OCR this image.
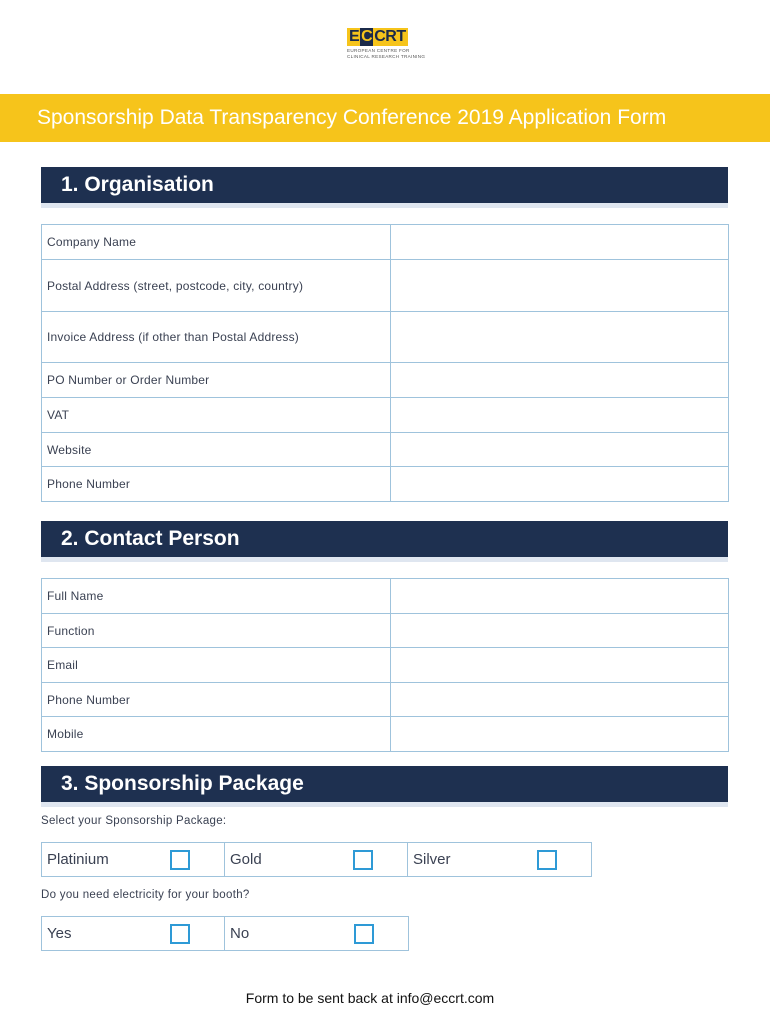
E C CRT
EUROPEAN CENTRE FOR
CLINICAL RESEARCH TRAINING
Sponsorship Data Transparency Conference 2019 Application Form
1. Organisation
Company Name	

Postal Address (street, postcode, city, country)	

Invoice Address (if other than Postal Address)	

PO Number or Order Number	

VAT	

Website	

Phone Number	
2. Contact Person
Full Name	

Function	

Email	

Phone Number	

Mobile	
3. Sponsorship Package
Select your Sponsorship Package:
Platinium	Gold	Silver
Do you need electricity for your booth?
Yes	No
Form to be sent back at info@eccrt.com
